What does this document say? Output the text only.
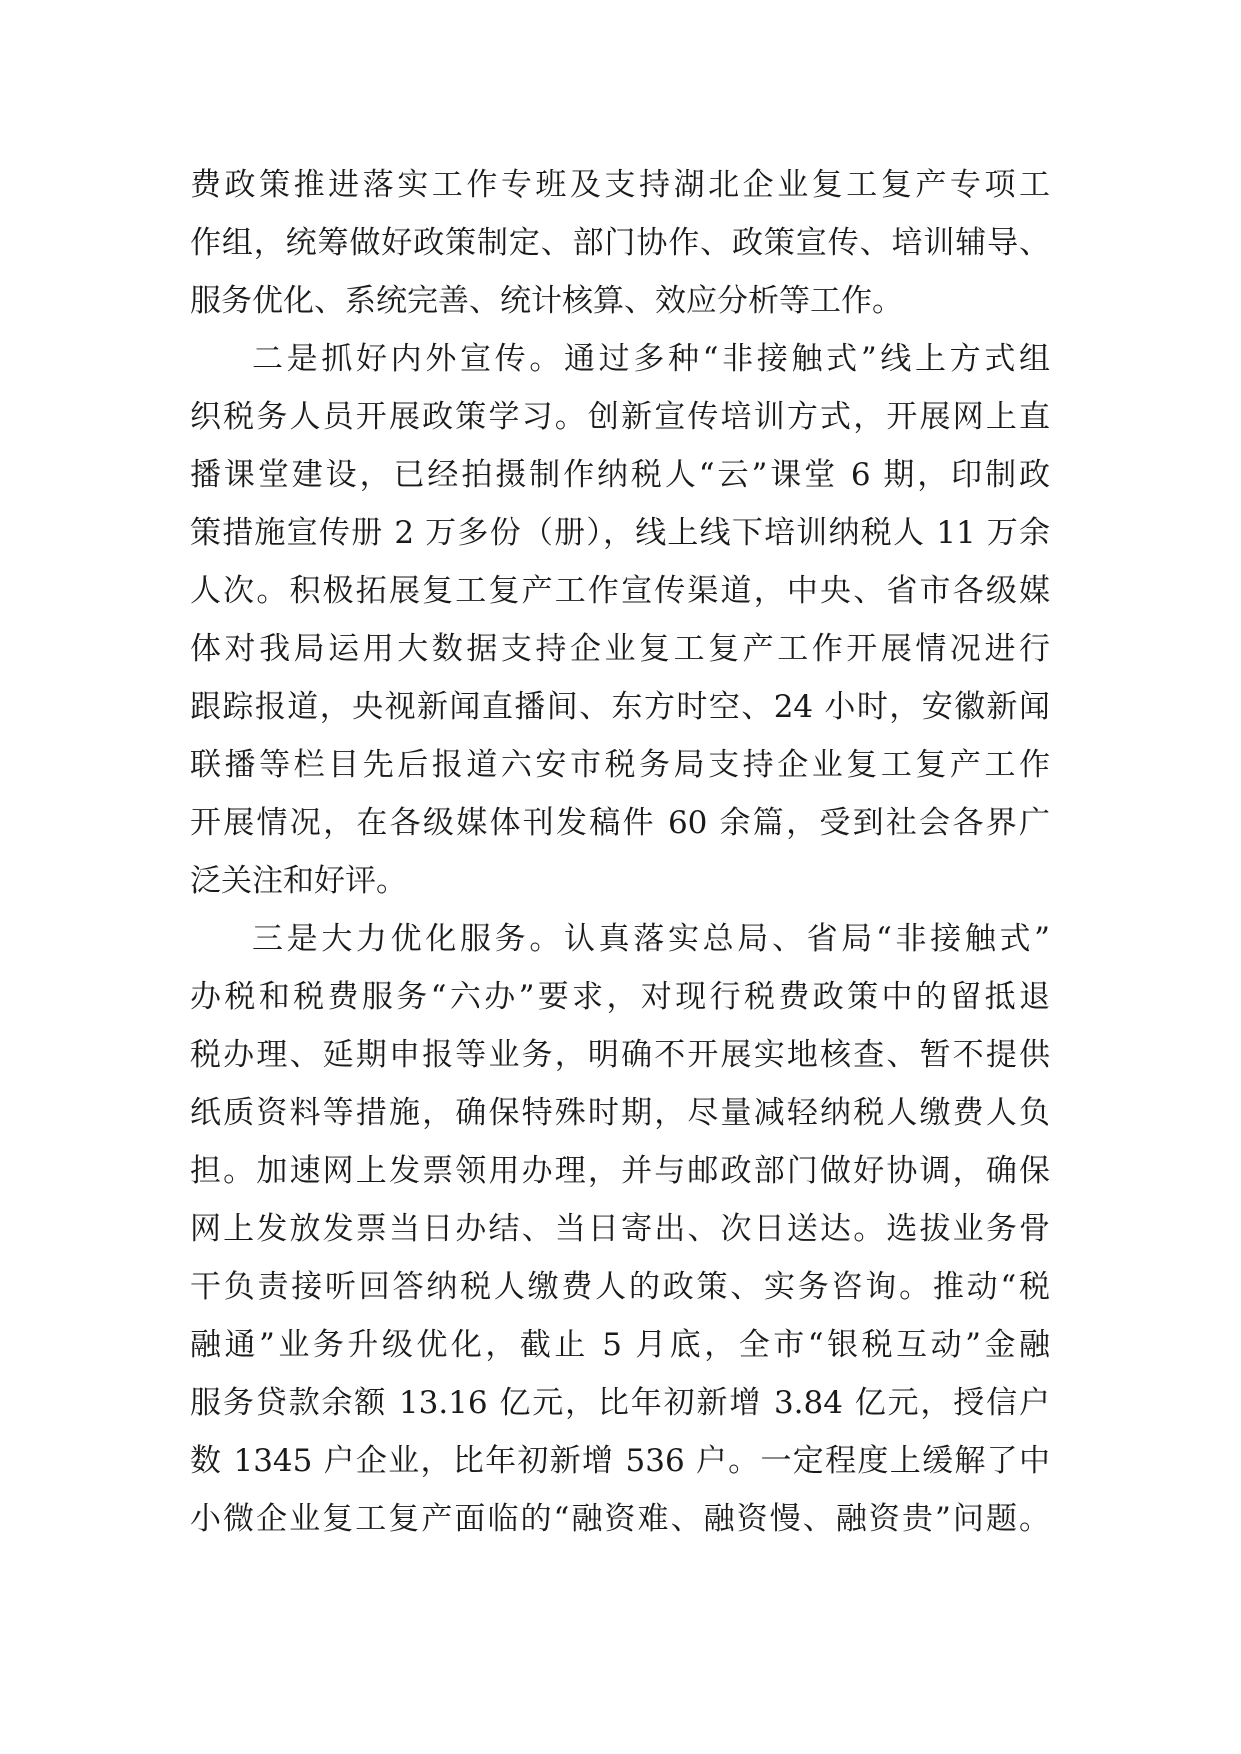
费政策推进落实工作专班及支持湖北企业复工复产专项工
作组，统筹做好政策制定、部门协作、政策宣传、培训辅导、
服务优化、系统完善、统计核算、效应分析等工作。
二是抓好内外宣传。通过多种“非接触式”线上方式组
织税务人员开展政策学习。创新宣传培训方式，开展网上直
播课堂建设，已经拍摄制作纳税人“云”课堂 6 期，印制政
策措施宣传册 2 万多份（册），线上线下培训纳税人 11 万余
人次。积极拓展复工复产工作宣传渠道，中央、省市各级媒
体对我局运用大数据支持企业复工复产工作开展情况进行
跟踪报道，央视新闻直播间、东方时空、24 小时，安徽新闻
联播等栏目先后报道六安市税务局支持企业复工复产工作
开展情况，在各级媒体刊发稿件 60 余篇，受到社会各界广
泛关注和好评。
三是大力优化服务。认真落实总局、省局“非接触式”
办税和税费服务“六办”要求，对现行税费政策中的留抵退
税办理、延期申报等业务，明确不开展实地核查、暂不提供
纸质资料等措施，确保特殊时期，尽量减轻纳税人缴费人负
担。加速网上发票领用办理，并与邮政部门做好协调，确保
网上发放发票当日办结、当日寄出、次日送达。选拔业务骨
干负责接听回答纳税人缴费人的政策、实务咨询。推动“税
融通”业务升级优化，截止 5 月底，全市“银税互动”金融
服务贷款余额 13.16 亿元，比年初新增 3.84 亿元，授信户
数 1345 户企业，比年初新增 536 户。一定程度上缓解了中
小微企业复工复产面临的“融资难、融资慢、融资贵”问题。
